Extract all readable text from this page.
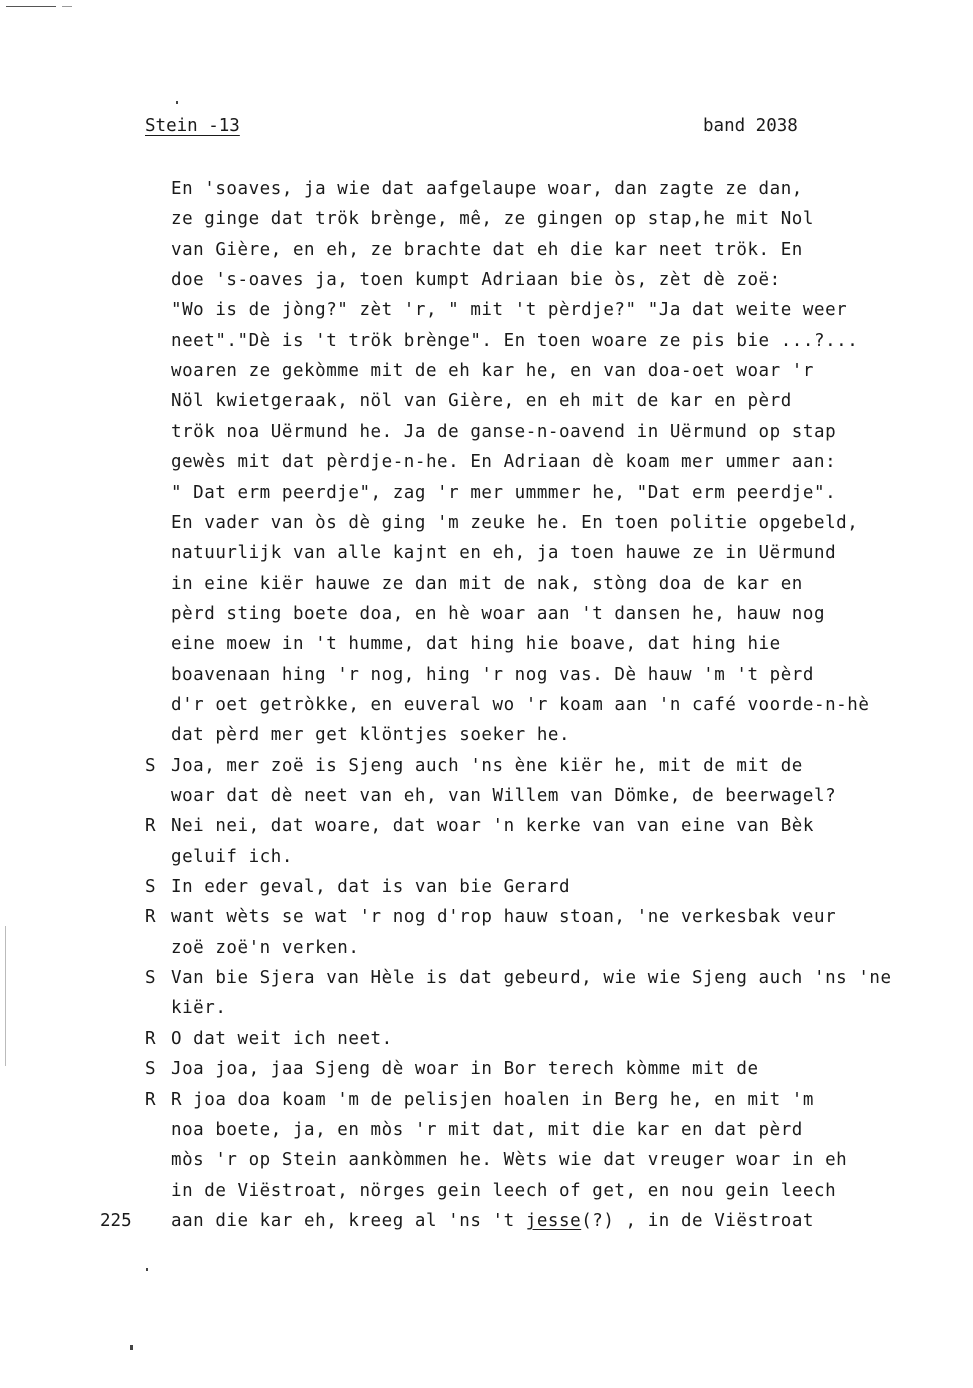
Stein -13	band 2038
En 'soaves, ja wie dat aafgelaupe woar, dan zagte ze dan,
ze ginge dat trök brènge, mê, ze gingen op stap,he mit Nol
van Gière, en eh, ze brachte dat eh die kar neet trök. En
doe 's-oaves ja, toen kumpt Adriaan bie òs, zèt dè zoë:
"Wo is de jòng?" zèt 'r, " mit 't pèrdje?" "Ja dat weite weer
neet"."Dè is 't trök brènge". En toen woare ze pis bie ...?...
woaren ze gekòmme mit de eh kar he, en van doa-oet woar 'r
Nöl kwietgeraak, nöl van Gière, en eh mit de kar en pèrd
trök noa Uërmund he. Ja de ganse-n-oavend in Uërmund op stap
gewès mit dat pèrdje-n-he. En Adriaan dè koam mer ummer aan:
" Dat erm peerdje", zag 'r mer ummmer he, "Dat erm peerdje".
En vader van òs dè ging 'm zeuke he. En toen politie opgebeld,
natuurlijk van alle kajnt en eh, ja toen hauwe ze in Uërmund
in eine kiër hauwe ze dan mit de nak, stòng doa de kar en
pèrd sting boete doa, en hè woar aan 't dansen he, hauw nog
eine moew in 't humme, dat hing hie boave, dat hing hie
boavenaan hing 'r nog, hing 'r nog vas. Dè hauw 'm 't pèrd
d'r oet getròkke, en euveral wo 'r koam aan 'n café voorde-n-hè
dat pèrd mer get klöntjes soeker he.
S Joa, mer zoë is Sjeng auch 'ns ène kiër he, mit de mit de
woar dat dè neet van eh, van Willem van Dömke, de beerwagel?
R Nei nei, dat woare, dat woar 'n kerke van van eine van Bèk
geluif ich.
S In eder geval, dat is van bie Gerard
R want wèts se wat 'r nog d'rop hauw stoan, 'ne verkesbak veur
zoë zoë'n verken.
S Van bie Sjera van Hèle is dat gebeurd, wie wie Sjeng auch 'ns 'ne
kiër.
R O dat weit ich neet.
S Joa joa, jaa Sjeng dè woar in Bor terech kòmme mit de
R R joa doa koam 'm de pelisjen hoalen in Berg he, en mit 'm
noa boete, ja, en mòs 'r mit dat, mit die kar en dat pèrd
mòs 'r op Stein aankòmmen he. Wèts wie dat vreuger woar in eh
in de Viëstroat, nörges gein leech of get, en nou gein leech
225 aan die kar eh, kreeg al 'ns 't jesse(?) , in de Viëstroat
